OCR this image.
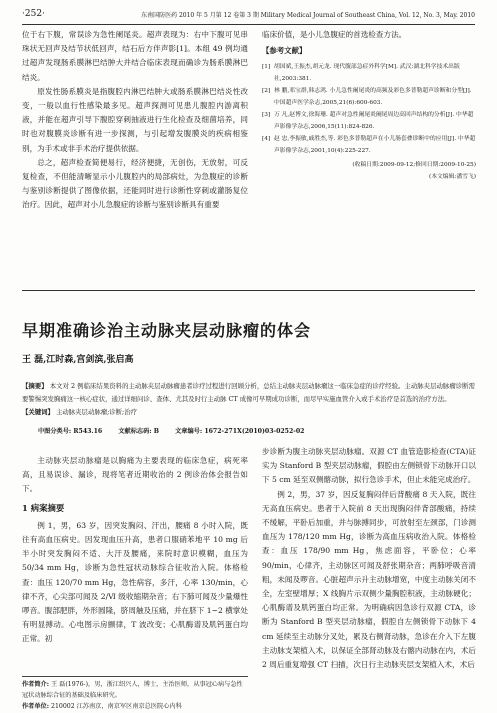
·252·	东南国防医药 2010 年 5 月第 12 卷第 3 期 Military Medical Journal of Southeast China, Vol. 12, No. 3, May. 2010

位于右下腹，常误诊为急性阑尾炎。超声表现为：右中下腹可见串珠状无回声及结节状低回声，结石后方伴声影[1]。本组 49 例均通过超声发现肠系膜淋巴结肿大并结合临床表现而确诊为肠系膜淋巴结炎。

原发性肠系膜炎是指腹腔内淋巴结肿大或肠系膜淋巴结炎性改变，一般以血行性感染最多见。超声探测可见患儿腹腔内游离积液，并能在超声引导下腹腔穿刺抽液进行生化检查及细菌培养，同时也对腹膜炎诊断有进一步探测，与引起增发腹膜炎的疾病相鉴别，为手术或非手术治疗提供依据。

总之，超声检查简便易行，经济便捷，无创伤，无放射，可反复检查，不但能清晰显示小儿腹腔内的局部病灶，为急腹症的诊断与鉴别诊断提供了图像依据，还能同时进行诊断性穿刺或灌肠复位治疗。因此，超声对小儿急腹症的诊断与鉴别诊断具有重要

临床价值，是小儿急腹症的首选检查方法。

【参考文献】
[1] 胡国斌,王振杰,胡元龙. 现代腹部急症外科学[M]. 武汉:湖北科学技术出版社,2003:381.
[2] 林 鹏,邓宝群,韩志鸿. 小儿急性阑尾炎的高频及彩色多普勒超声诊断和分型[J]. 中国超声医学杂志,2005,21(6):600-603.
[3] 万 凡,赵博文,徐海珊. 超声对急性阑尾炎阑尾周边高回声结构的分析[J]. 中华超声影像学杂志,2006,15(11):824-826.
[4] 赵 忠,李振敏,戚胜杰,等. 彩色多普勒超声在小儿肠套叠诊断中的应用[J]. 中华超声影像学杂志,2001,10(4):225-227.
(收稿日期:2009-09-12;修回日期:2009-10-25)
(本文编辑:潘雪飞)
早期准确诊治主动脉夹层动脉瘤的体会
王 磊,江时森,宫剑滨,张启高
【摘要】 本文对 2 例临床结果资料的主动脉夹层动脉瘤患者诊疗过程进行回顾分析，总结主动脉夹层动脉瘤这一临床急症的诊疗经验。主动脉夹层动脉瘤诊断需要警惕突发胸痛这一核心症状，通过详细问诊、查体、尤其及时行主动脉 CT 成像可早期成功诊断，而尽早实施血管介入或手术治疗是首选的治疗方法。
【关键词】 主动脉夹层动脉瘤;诊断;治疗
中图分类号: R543.16	文献标志码: B	文章编号: 1672-271X(2010)03-0252-02

主动脉夹层动脉瘤是以胸痛为主要表现的临床急症，病死率高，且易误诊、漏诊，现将笔者近期收治的 2 例诊治体会报告如下。

1 病案摘要

例 1，男，63 岁，因突发胸闷、汗出，腰痛 8 小时入院，既往有高血压病史。因发现血压升高，患者口服硝苯地平 10 mg 后半小时突发胸闷不适、大汗及腰痛，来院时意识模糊，血压为 50/34 mm Hg，诊断为急性冠状动脉综合征收治入院。体格检查：血压 120/70 mm Hg，急性病容，多汗，心率 130/min，心律不齐，心尖部可闻及 2/Ⅵ 级收缩期杂音；右下肺可闻及少量爆性啰音。腹部肥胖，外形圆隆，脐周触及压痛，并在脐下 1~2 横掌处有明显搏动。心电图示房颤律，T 波改变；心肌酶谱及肌钙蛋白均正常。初

步诊断为腹主动脉夹层动脉瘤。双源 CT 血管造影检查(CTA)证实为 Stanford B 型夹层动脉瘤，假腔由左侧锁骨下动脉开口以下 5 cm 延至双侧髂动脉，拟行急诊手术，但止未能完成治疗。

例 2，男，37 岁，因反复胸闷伴后背酸痛 8 天入院，既往无高血压病史。患者于入院前 8 天出现胸闷伴背部酸痛，持续不缓解，平卧后加重，并与脉搏同步，可放射至左颈部，门诊测血压为 178/120 mm Hg，诊断为高血压病收治入院。体格检查：血压 178/90 mm Hg，焦虑面容，平卧位；心率 90/min，心律齐，主动脉区可闻及舒张期杂音；两肺呼吸音清粗，未闻及啰音。心脏超声示升主动脉增宽，中度主动脉关闭不全，左室壁增厚；X 线胸片示双侧少量胸腔积液，主动脉硬化；心肌酶谱及肌钙蛋白均正常。为明确病因急诊行双源 CTA，诊断为 Stanford B 型夹层动脉瘤，假腔自左侧锁骨下动脉下 4 cm 延续至主动脉分叉处，累及右侧肾动脉，急诊在介入下左腹主动脉支架植入术，以保证全部肾动脉及右髂内动脉在内，术后 2 周后重复增强 CT 扫描，次日行主动脉夹层支架植入术，术后

作者简介: 王 磊(1976-)，男，浙江绍兴人，博士，主治医师，从事冠心病与急性冠状动脉综合征的基础及临床研究。
作者单位: 210002 江苏南京，南京军区南京总医院心内科
